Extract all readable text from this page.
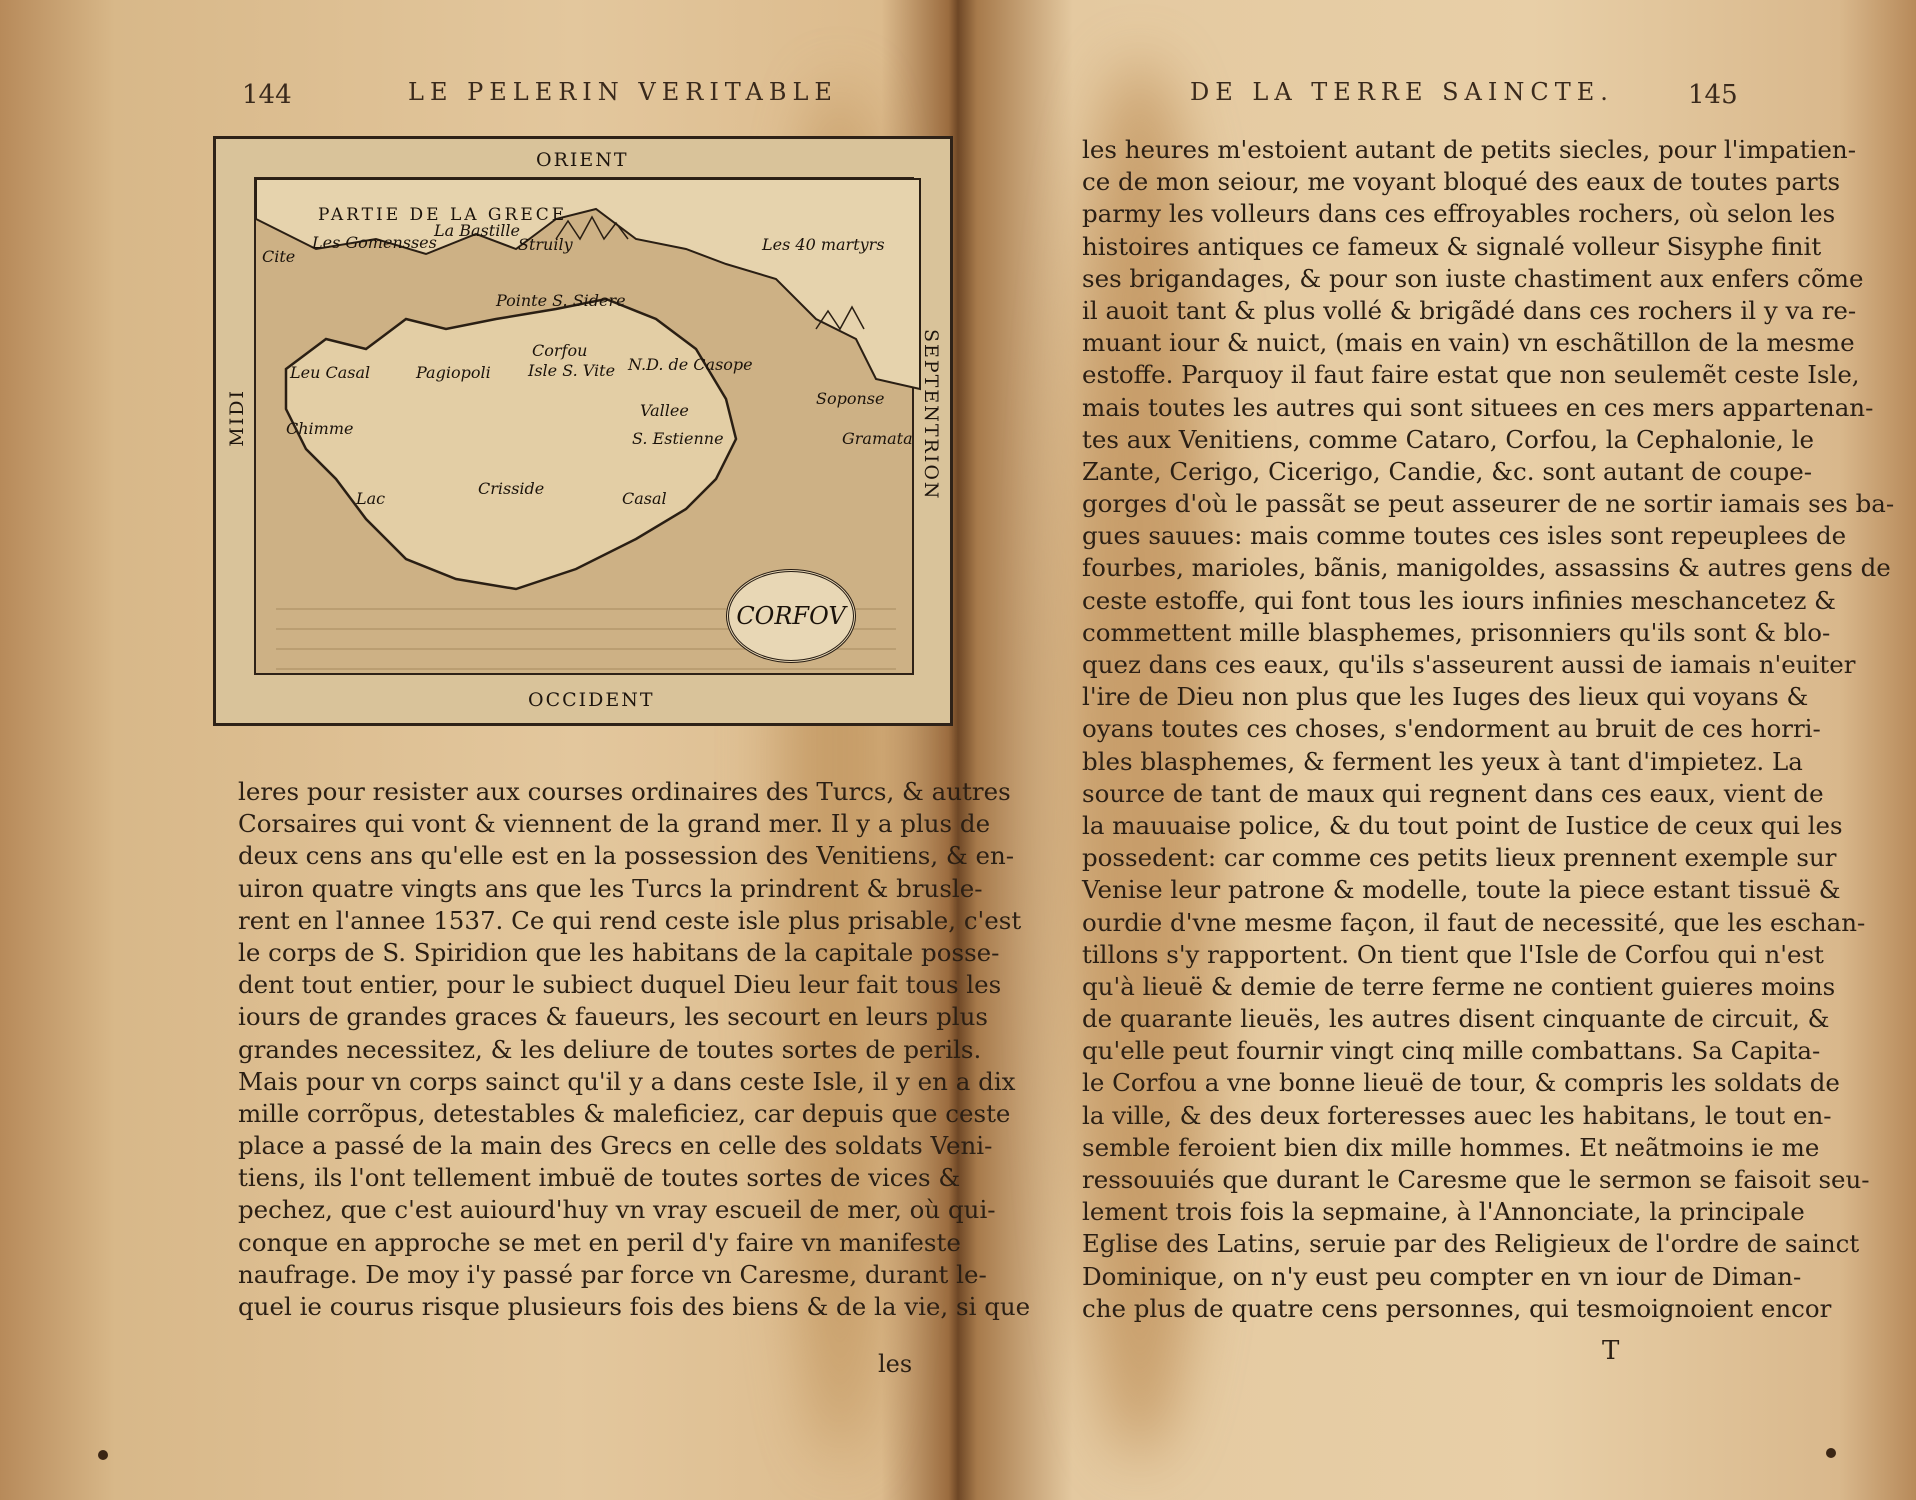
144	LE PELERIN VERITABLE
ORIENT
OCCIDENT
MIDI	SEPTENTRION
PARTIE DE LA GRECE
Cite
Les Gomensses
La Bastille
Struily	Les 40 martyrs
Pointe S. Sidere
Leu Casal	Pagiopoli
Corfou
Isle S. Vite N.D. de Casope
Chimme
Vallee
S. Estienne
Soponse
Gramata
Crisside
Lac	Casal
CORFOV
leres pour resister aux courses ordinaires des Turcs, & autres
Corsaires qui vont & viennent de la grand mer. Il y a plus de
deux cens ans qu'elle est en la possession des Venitiens, & en-
uiron quatre vingts ans que les Turcs la prindrent & brusle-
rent en l'annee 1537. Ce qui rend ceste isle plus prisable, c'est
le corps de S. Spiridion que les habitans de la capitale posse-
dent tout entier, pour le subiect duquel Dieu leur fait tous les
iours de grandes graces & faueurs, les secourt en leurs plus
grandes necessitez, & les deliure de toutes sortes de perils.
Mais pour vn corps sainct qu'il y a dans ceste Isle, il y en a dix
mille corrõpus, detestables & maleficiez, car depuis que ceste
place a passé de la main des Grecs en celle des soldats Veni-
tiens, ils l'ont tellement imbuë de toutes sortes de vices &
pechez, que c'est auiourd'huy vn vray escueil de mer, où qui-
conque en approche se met en peril d'y faire vn manifeste
naufrage. De moy i'y passé par force vn Caresme, durant le-
quel ie courus risque plusieurs fois des biens & de la vie, si que
les
DE LA TERRE SAINCTE.	145
les heures m'estoient autant de petits siecles, pour l'impatien-
ce de mon seiour, me voyant bloqué des eaux de toutes parts
parmy les volleurs dans ces effroyables rochers, où selon les
histoires antiques ce fameux & signalé volleur Sisyphe finit
ses brigandages, & pour son iuste chastiment aux enfers cõme
il auoit tant & plus vollé & brigãdé dans ces rochers il y va re-
muant iour & nuict, (mais en vain) vn eschãtillon de la mesme
estoffe. Parquoy il faut faire estat que non seulemẽt ceste Isle,
mais toutes les autres qui sont situees en ces mers appartenan-
tes aux Venitiens, comme Cataro, Corfou, la Cephalonie, le
Zante, Cerigo, Cicerigo, Candie, &c. sont autant de coupe-
gorges d'où le passãt se peut asseurer de ne sortir iamais ses ba-
gues sauues: mais comme toutes ces isles sont repeuplees de
fourbes, marioles, bãnis, manigoldes, assassins & autres gens de
ceste estoffe, qui font tous les iours infinies meschancetez &
commettent mille blasphemes, prisonniers qu'ils sont & blo-
quez dans ces eaux, qu'ils s'asseurent aussi de iamais n'euiter
l'ire de Dieu non plus que les Iuges des lieux qui voyans &
oyans toutes ces choses, s'endorment au bruit de ces horri-
bles blasphemes, & ferment les yeux à tant d'impietez. La
source de tant de maux qui regnent dans ces eaux, vient de
la mauuaise police, & du tout point de Iustice de ceux qui les
possedent: car comme ces petits lieux prennent exemple sur
Venise leur patrone & modelle, toute la piece estant tissuë &
ourdie d'vne mesme façon, il faut de necessité, que les eschan-
tillons s'y rapportent. On tient que l'Isle de Corfou qui n'est
qu'à lieuë & demie de terre ferme ne contient guieres moins
de quarante lieuës, les autres disent cinquante de circuit, &
qu'elle peut fournir vingt cinq mille combattans. Sa Capita-
le Corfou a vne bonne lieuë de tour, & compris les soldats de
la ville, & des deux forteresses auec les habitans, le tout en-
semble feroient bien dix mille hommes. Et neãtmoins ie me
ressouuiés que durant le Caresme que le sermon se faisoit seu-
lement trois fois la sepmaine, à l'Annonciate, la principale
Eglise des Latins, seruie par des Religieux de l'ordre de sainct
Dominique, on n'y eust peu compter en vn iour de Diman-
che plus de quatre cens personnes, qui tesmoignoient encor
T
